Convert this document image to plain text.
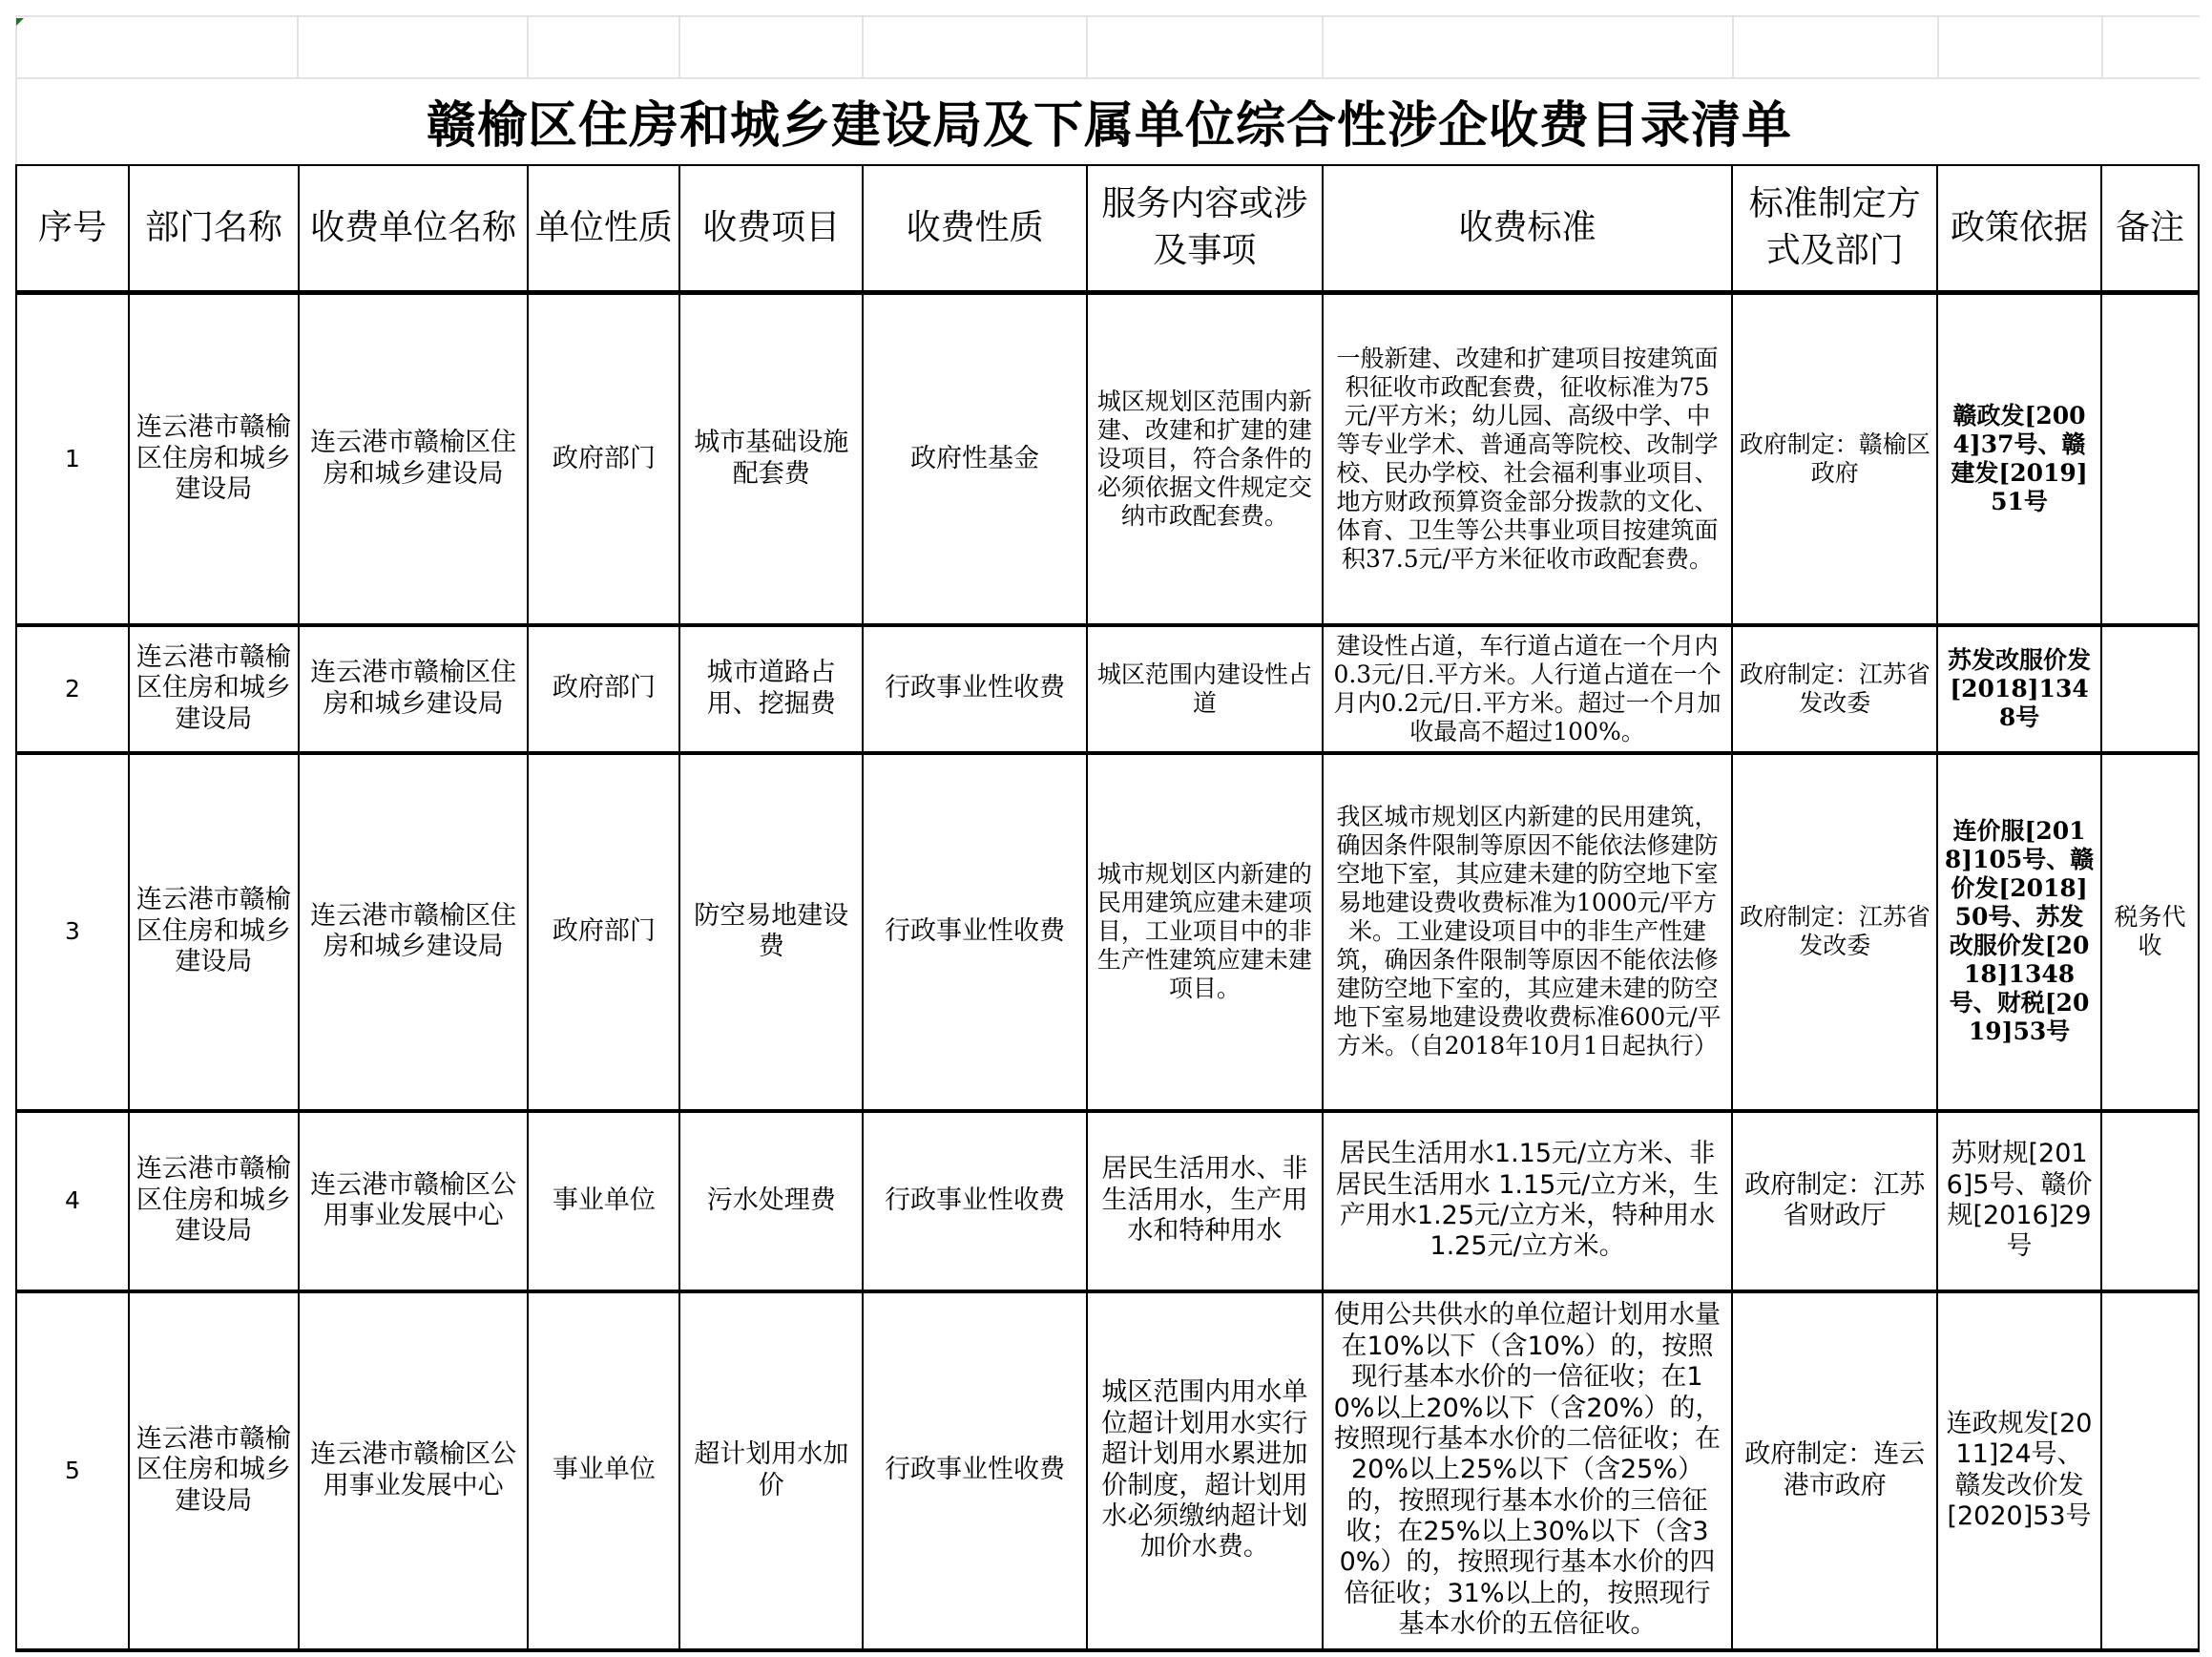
赣榆区住房和城乡建设局及下属单位综合性涉企收费目录清单
序号	部门名称	收费单位名称	单位性质	收费项目	收费性质	服务内容或涉及事项	收费标准	标准制定方式及部门	政策依据	备注
1	连云港市赣榆区住房和城乡建设局	连云港市赣榆区住房和城乡建设局	政府部门	城市基础设施配套费	政府性基金	城区规划区范围内新建、改建和扩建的建设项目，符合条件的必须依据文件规定交纳市政配套费。	一般新建、改建和扩建项目按建筑面积征收市政配套费，征收标准为75元/平方米；幼儿园、高级中学、中等专业学术、普通高等院校、改制学校、民办学校、社会福利事业项目、地方财政预算资金部分拨款的文化、体育、卫生等公共事业项目按建筑面积37.5元/平方米征收市政配套费。	政府制定：赣榆区政府	赣政发[2004]37号、赣建发[2019]51号	
2	连云港市赣榆区住房和城乡建设局	连云港市赣榆区住房和城乡建设局	政府部门	城市道路占用、挖掘费	行政事业性收费	城区范围内建设性占道	建设性占道，车行道占道在一个月内0.3元/日.平方米。人行道占道在一个月内0.2元/日.平方米。超过一个月加收最高不超过100%。	政府制定：江苏省发改委	苏发改服价发[2018]1348号	
3	连云港市赣榆区住房和城乡建设局	连云港市赣榆区住房和城乡建设局	政府部门	防空易地建设费	行政事业性收费	城市规划区内新建的民用建筑应建未建项目，工业项目中的非生产性建筑应建未建项目。	我区城市规划区内新建的民用建筑，确因条件限制等原因不能依法修建防空地下室，其应建未建的防空地下室易地建设费收费标准为1000元/平方米。工业建设项目中的非生产性建筑，确因条件限制等原因不能依法修建防空地下室的，其应建未建的防空地下室易地建设费收费标准600元/平方米。（自2018年10月1日起执行）	政府制定：江苏省发改委	连价服[2018]105号、赣价发[2018]50号、苏发改服价发[2018]1348号、财税[2019]53号	税务代收
4	连云港市赣榆区住房和城乡建设局	连云港市赣榆区公用事业发展中心	事业单位	污水处理费	行政事业性收费	居民生活用水、非生活用水，生产用水和特种用水	居民生活用水1.15元/立方米、非居民生活用水 1.15元/立方米，生产用水1.25元/立方米，特种用水1.25元/立方米。	政府制定：江苏省财政厅	苏财规[2016]5号、赣价规[2016]29号	
5	连云港市赣榆区住房和城乡建设局	连云港市赣榆区公用事业发展中心	事业单位	超计划用水加价	行政事业性收费	城区范围内用水单位超计划用水实行超计划用水累进加价制度，超计划用水必须缴纳超计划加价水费。	使用公共供水的单位超计划用水量在10%以下（含10%）的，按照现行基本水价的一倍征收；在10%以上20%以下（含20%）的，按照现行基本水价的二倍征收；在20%以上25%以下（含25%）的，按照现行基本水价的三倍征收；在25%以上30%以下（含30%）的，按照现行基本水价的四倍征收；31%以上的，按照现行基本水价的五倍征收。	政府制定：连云港市政府	连政规发[2011]24号、赣发改价发[2020]53号	
